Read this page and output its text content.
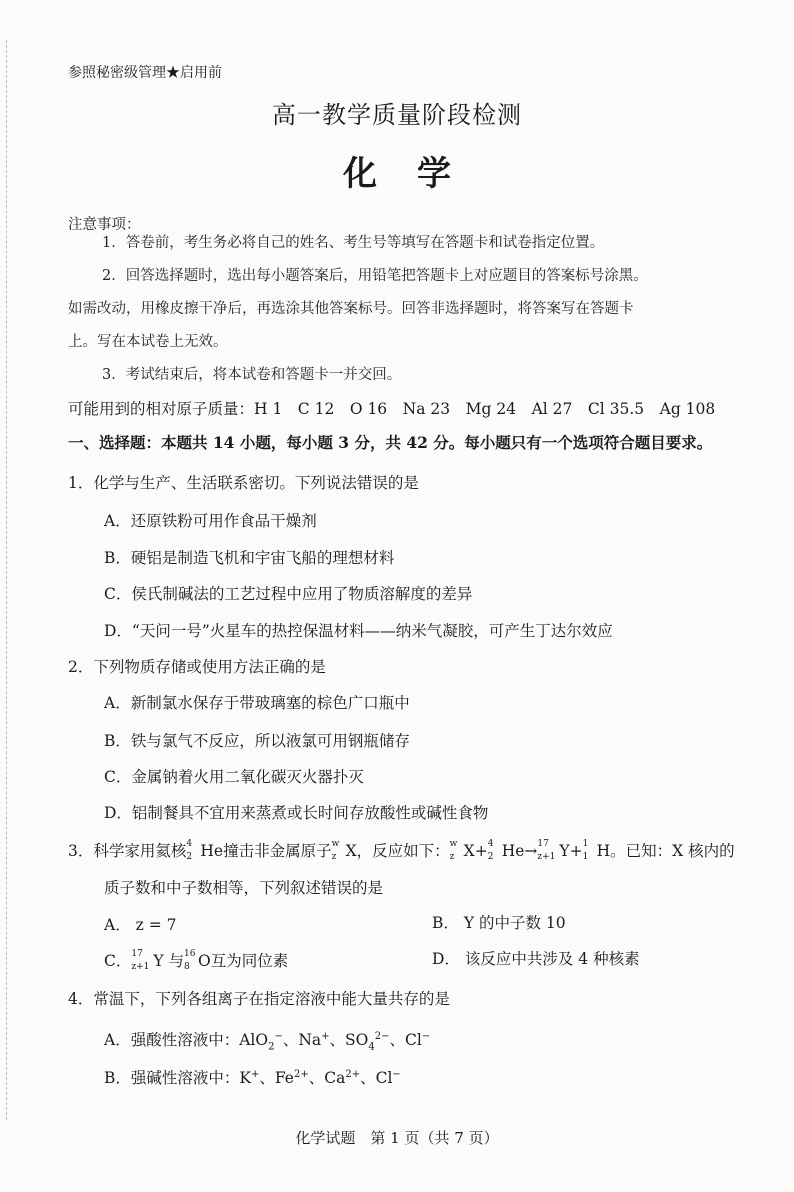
参照秘密级管理★启用前
高一教学质量阶段检测
化学
注意事项：
1．答卷前，考生务必将自己的姓名、考生号等填写在答题卡和试卷指定位置。
2．回答选择题时，选出每小题答案后，用铅笔把答题卡上对应题目的答案标号涂黑。
如需改动，用橡皮擦干净后，再选涂其他答案标号。回答非选择题时，将答案写在答题卡
上。写在本试卷上无效。
3．考试结束后，将本试卷和答题卡一并交回。
可能用到的相对原子质量：H 1　C 12　O 16　Na 23　Mg 24　Al 27　Cl 35.5　Ag 108
一、选择题：本题共 14 小题，每小题 3 分，共 42 分。每小题只有一个选项符合题目要求。
1．化学与生产、生活联系密切。下列说法错误的是
A．还原铁粉可用作食品干燥剂
B．硬铝是制造飞机和宇宙飞船的理想材料
C．侯氏制碱法的工艺过程中应用了物质溶解度的差异
D．“天问一号”火星车的热控保温材料——纳米气凝胶，可产生丁达尔效应
2．下列物质存储或使用方法正确的是
A．新制氯水保存于带玻璃塞的棕色广口瓶中
B．铁与氯气不反应，所以液氯可用钢瓶储存
C．金属钠着火用二氧化碳灭火器扑灭
D．铝制餐具不宜用来蒸煮或长时间存放酸性或碱性食物
3．科学家用氦核 4
2 He撞击非金属原子 w
z X，反应如下： w
z X+ 4
2 He→ 17
z+1 Y+ 1
1 H。已知：X 核内的
质子数和中子数相等，下列叙述错误的是
A． z = 7	B． Y 的中子数 10
C． 17
z+1 Y 与 16
8 O互为同位素	D． 该反应中共涉及 4 种核素
4．常温下，下列各组离子在指定溶液中能大量共存的是
A．强酸性溶液中：AlO$_2$−、Na+、$SO_4^{2-}$、Cl−
B．强碱性溶液中：K+、$Fe^{2+}$、$Ca^{2+}$、Cl−
化学试题　第 1 页（共 7 页）
